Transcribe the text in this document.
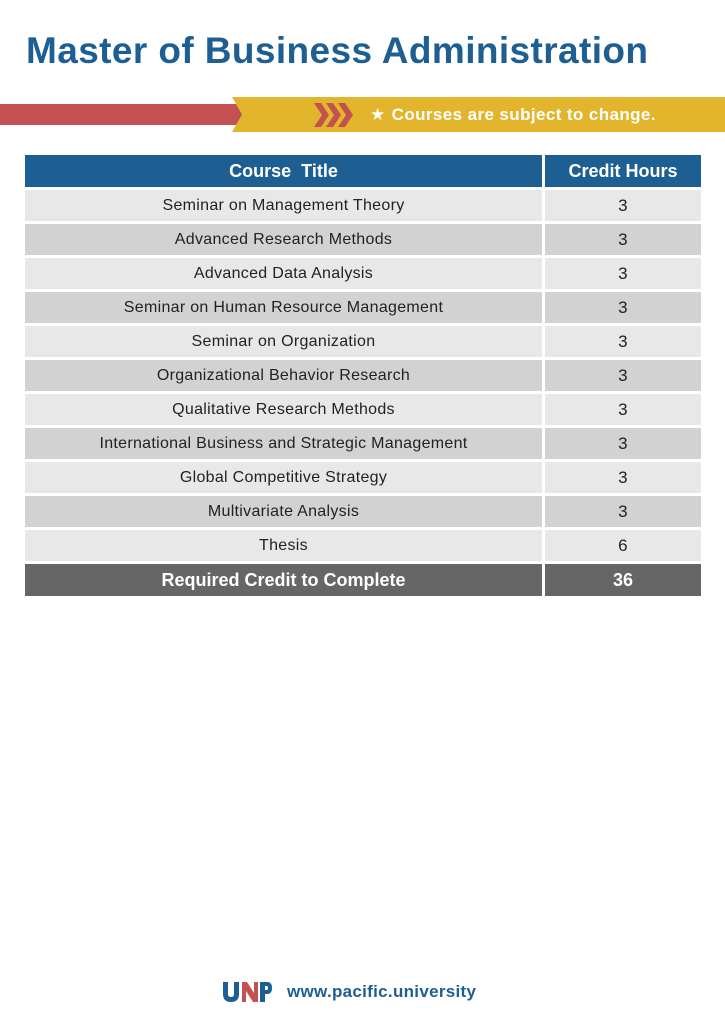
Master of Business Administration
★ Courses are subject to change.
Course  Title	Credit Hours
Seminar on Management Theory	3
Advanced Research Methods	3
Advanced Data Analysis	3
Seminar on Human Resource Management	3
Seminar on Organization	3
Organizational Behavior Research	3
Qualitative Research Methods	3
International Business and Strategic Management	3
Global Competitive Strategy	3
Multivariate Analysis	3
Thesis	6
Required Credit to Complete	36
www.pacific.university
